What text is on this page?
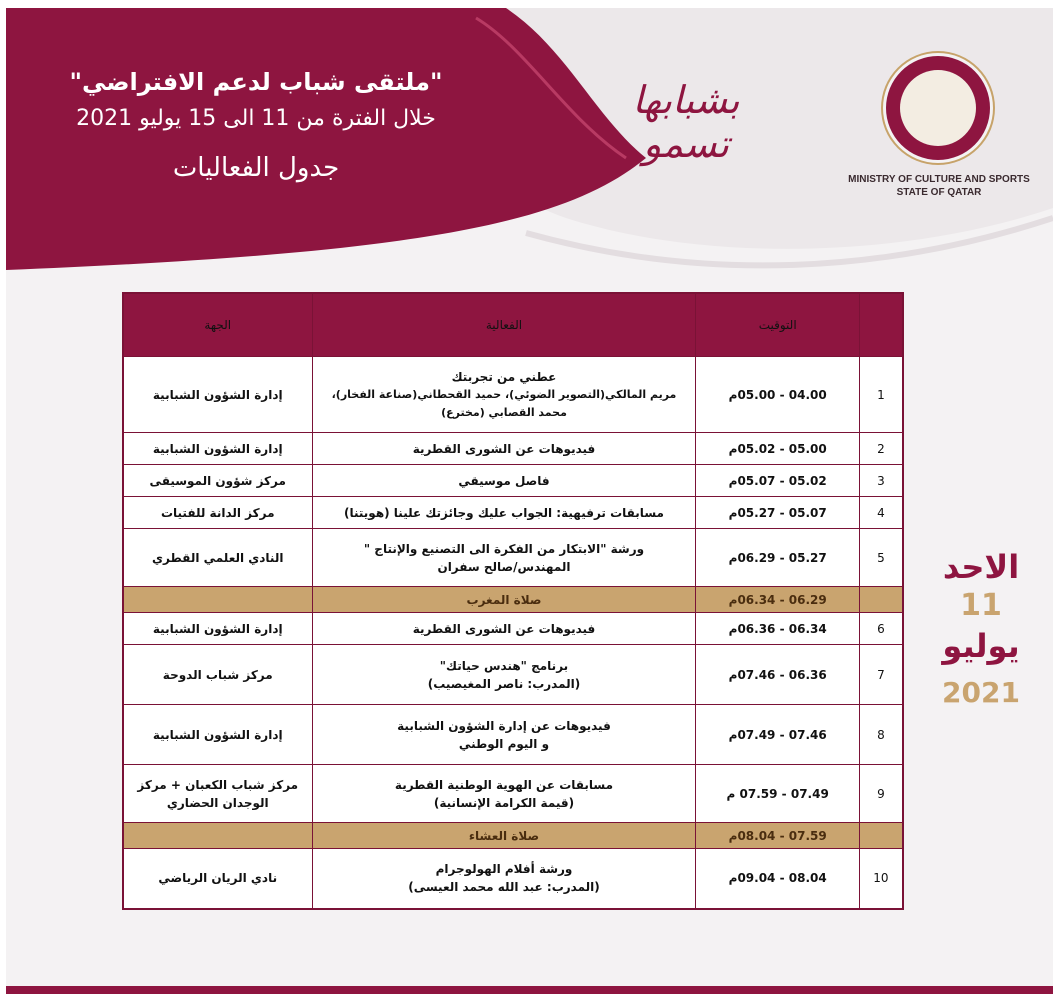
"ملتقى شباب لدعم الافتراضي"
خلال الفترة من 11 الى 15 يوليو 2021
جدول الفعاليات
بشبابها تسمو
MINISTRY OF CULTURE AND SPORTS
STATE OF QATAR
الاحد
11
يوليو
2021
	التوقيت	الفعالية	الجهة
1	04.00 - 05.00م	عطني من تجربتك
مريم المالكي(التصوير الضوئي)، حميد القحطاني(صناعة الفخار)،
محمد القصابي (مخترع)	إدارة الشؤون الشبابية
2	05.00 - 05.02م	فيديوهات عن الشورى القطرية	إدارة الشؤون الشبابية
3	05.02 - 05.07م	فاصل موسيقي	مركز شؤون الموسيقى
4	05.07 - 05.27م	مسابقات ترفيهية: الجواب عليك وجائزتك علينا (هويتنا)	مركز الدانة للفتيات
5	05.27 - 06.29م	ورشة "الابتكار من الفكرة الى التصنيع والإنتاج "
المهندس/صالح سفران	النادي العلمي القطري
	06.29 - 06.34م	صلاة المغرب	
6	06.34 - 06.36م	فيديوهات عن الشورى القطرية	إدارة الشؤون الشبابية
7	06.36 - 07.46م	برنامج "هندس حياتك"
(المدرب: ناصر المغيصيب)	مركز شباب الدوحة
8	07.46 - 07.49م	فيديوهات عن إدارة الشؤون الشبابية
و اليوم الوطني	إدارة الشؤون الشبابية
9	07.49 - 07.59 م	مسابقات عن الهوية الوطنية القطرية
(قيمة الكرامة الإنسانية)	مركز شباب الكعبان + مركز الوجدان الحضاري
	07.59 - 08.04م	صلاة العشاء	
10	08.04 - 09.04م	ورشة أفلام الهولوجرام
(المدرب: عبد الله محمد العيسى)	نادي الريان الرياضي
